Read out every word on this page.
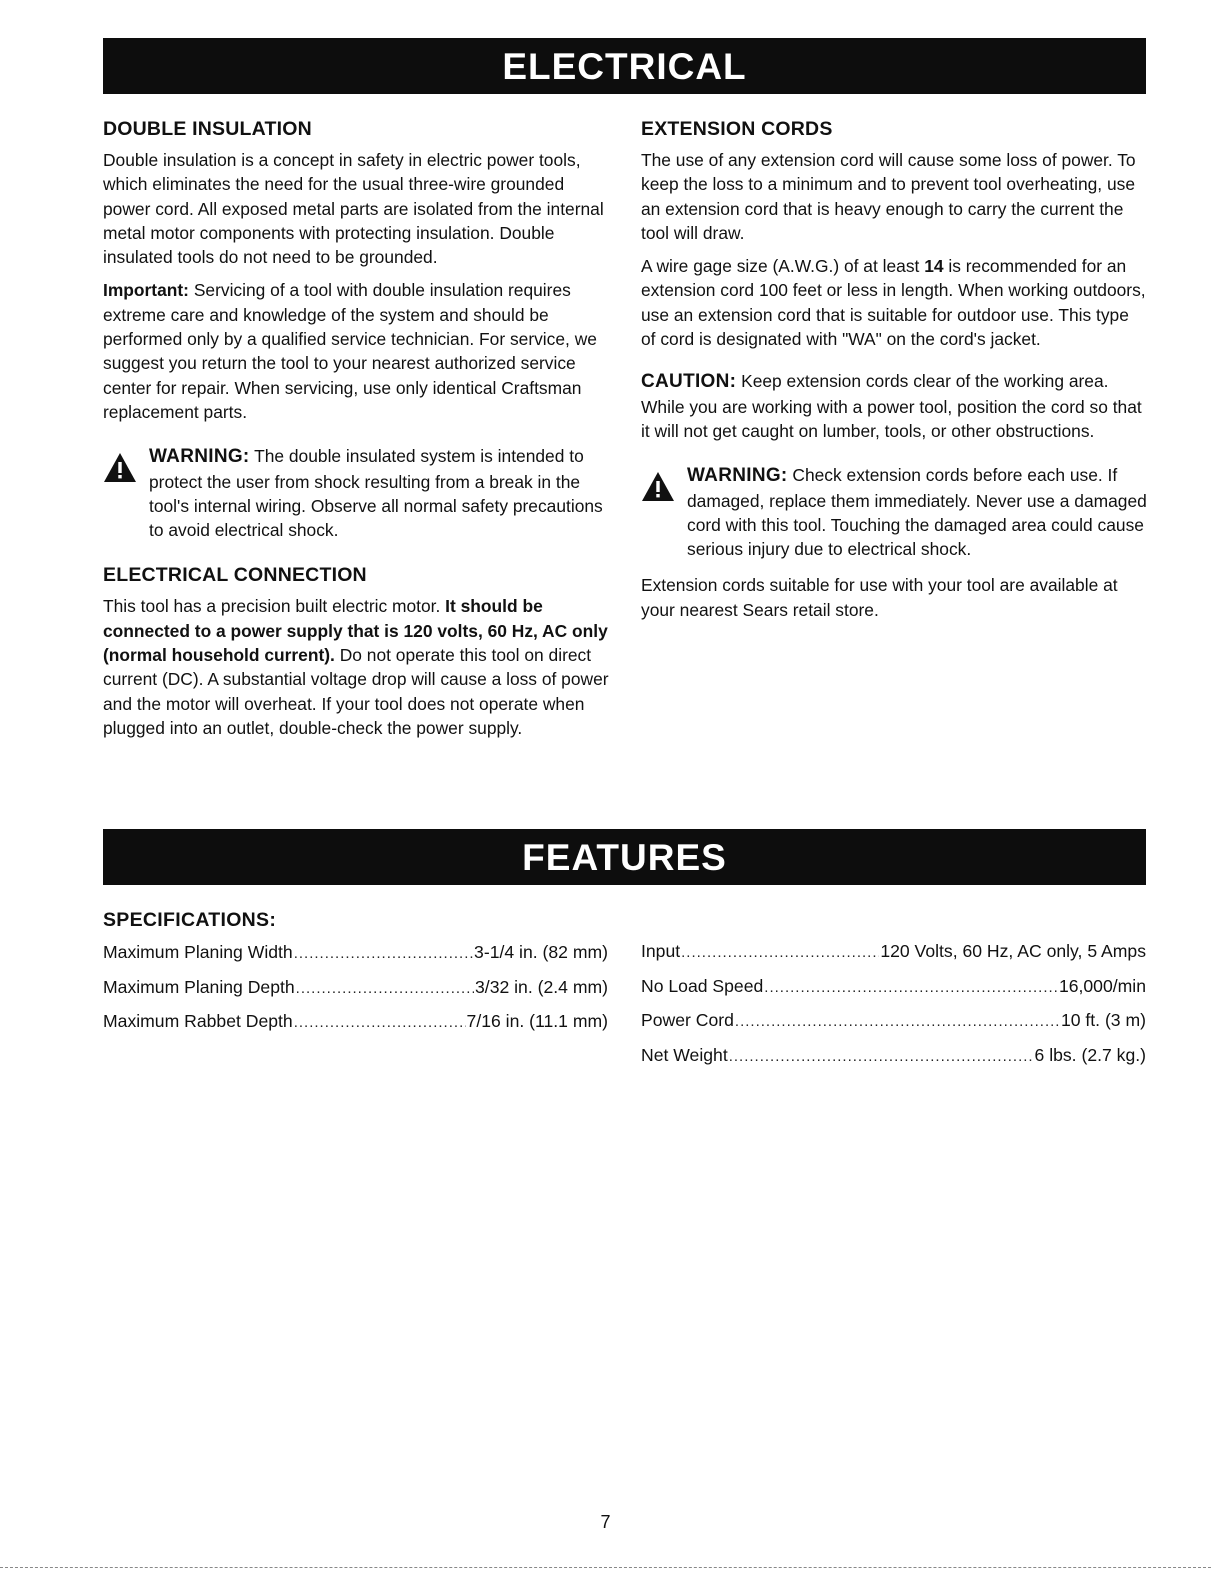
ELECTRICAL
DOUBLE INSULATION

Double insulation is a concept in safety in electric power tools, which eliminates the need for the usual three-wire grounded power cord. All exposed metal parts are isolated from the internal metal motor components with protecting insulation. Double insulated tools do not need to be grounded.

Important: Servicing of a tool with double insulation requires extreme care and knowledge of the system and should be performed only by a qualified service technician. For service, we suggest you return the tool to your nearest authorized service center for repair. When servicing, use only identical Craftsman replacement parts.

WARNING: The double insulated system is intended to protect the user from shock resulting from a break in the tool's internal wiring. Observe all normal safety precautions to avoid electrical shock.
ELECTRICAL CONNECTION

This tool has a precision built electric motor. It should be connected to a power supply that is 120 volts, 60 Hz, AC only (normal household current). Do not operate this tool on direct current (DC). A substantial voltage drop will cause a loss of power and the motor will overheat. If your tool does not operate when plugged into an outlet, double-check the power supply.

EXTENSION CORDS

The use of any extension cord will cause some loss of power. To keep the loss to a minimum and to prevent tool overheating, use an extension cord that is heavy enough to carry the current the tool will draw.

A wire gage size (A.W.G.) of at least 14 is recommended for an extension cord 100 feet or less in length. When working outdoors, use an extension cord that is suitable for outdoor use. This type of cord is designated with "WA" on the cord's jacket.

CAUTION: Keep extension cords clear of the working area. While you are working with a power tool, position the cord so that it will not get caught on lumber, tools, or other obstructions.

WARNING: Check extension cords before each use. If damaged, replace them immediately. Never use a damaged cord with this tool. Touching the damaged area could cause serious injury due to electrical shock.

Extension cords suitable for use with your tool are available at your nearest Sears retail store.

FEATURES
SPECIFICATIONS:
Maximum Planing Width .....	3-1/4 in. (82 mm)
Maximum Planing Depth .....	3/32 in. (2.4 mm)
Maximum Rabbet Depth .....	7/16 in. (11.1 mm)
Input .....	120 Volts, 60 Hz, AC only, 5 Amps
No Load Speed .....	16,000/min
Power Cord .....	10 ft. (3 m)
Net Weight .....	6 lbs. (2.7 kg.)
7
